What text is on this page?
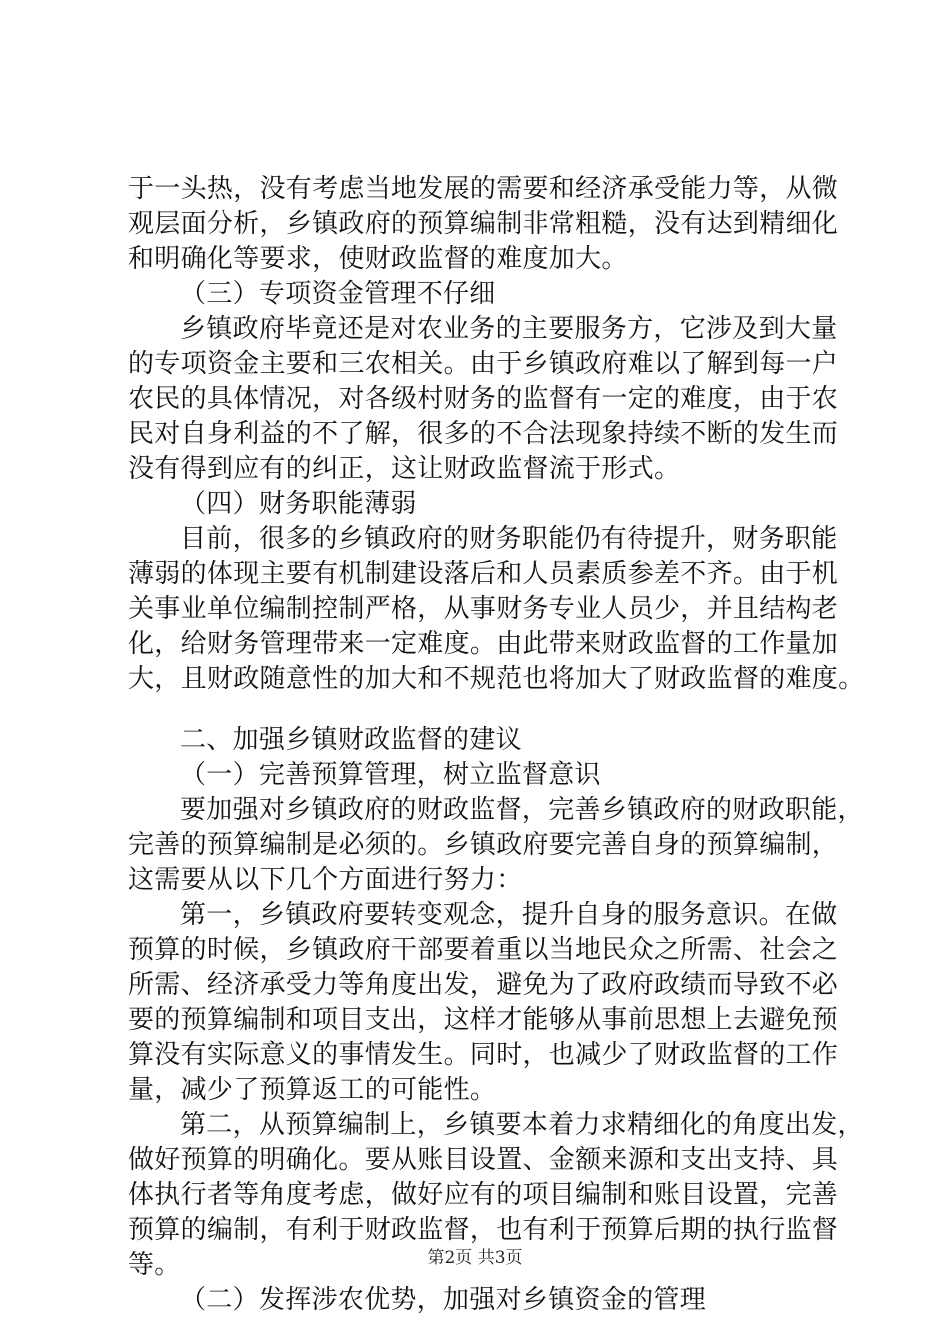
于一头热，没有考虑当地发展的需要和经济承受能力等，从微
观层面分析，乡镇政府的预算编制非常粗糙，没有达到精细化
和明确化等要求，使财政监督的难度加大。
（三）专项资金管理不仔细
乡镇政府毕竟还是对农业务的主要服务方，它涉及到大量
的专项资金主要和三农相关。由于乡镇政府难以了解到每一户
农民的具体情况，对各级村财务的监督有一定的难度，由于农
民对自身利益的不了解，很多的不合法现象持续不断的发生而
没有得到应有的纠正，这让财政监督流于形式。
（四）财务职能薄弱
目前，很多的乡镇政府的财务职能仍有待提升，财务职能
薄弱的体现主要有机制建设落后和人员素质参差不齐。由于机
关事业单位编制控制严格，从事财务专业人员少，并且结构老
化，给财务管理带来一定难度。由此带来财政监督的工作量加
大，且财政随意性的加大和不规范也将加大了财政监督的难度。
二、加强乡镇财政监督的建议
（一）完善预算管理，树立监督意识
要加强对乡镇政府的财政监督，完善乡镇政府的财政职能，
完善的预算编制是必须的。乡镇政府要完善自身的预算编制，
这需要从以下几个方面进行努力：
第一，乡镇政府要转变观念，提升自身的服务意识。在做
预算的时候，乡镇政府干部要着重以当地民众之所需、社会之
所需、经济承受力等角度出发，避免为了政府政绩而导致不必
要的预算编制和项目支出，这样才能够从事前思想上去避免预
算没有实际意义的事情发生。同时，也减少了财政监督的工作
量，减少了预算返工的可能性。
第二，从预算编制上，乡镇要本着力求精细化的角度出发，
做好预算的明确化。要从账目设置、金额来源和支出支持、具
体执行者等角度考虑，做好应有的项目编制和账目设置，完善
预算的编制，有利于财政监督，也有利于预算后期的执行监督
等。
（二）发挥涉农优势，加强对乡镇资金的管理
第2页 共3页
